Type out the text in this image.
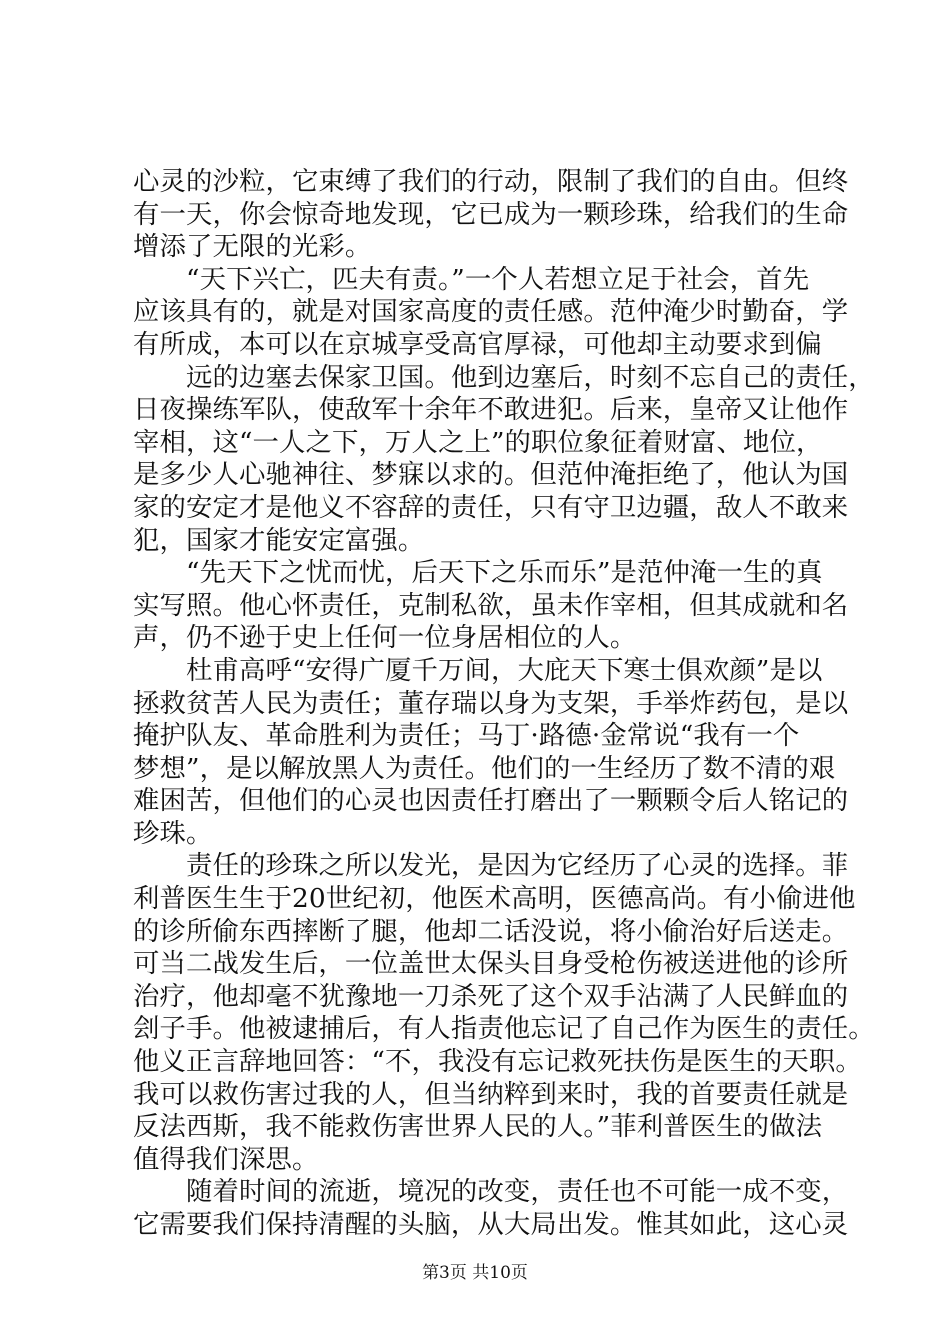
心灵的沙粒，它束缚了我们的行动，限制了我们的自由。但终
有一天，你会惊奇地发现，它已成为一颗珍珠，给我们的生命
增添了无限的光彩。
“天下兴亡，匹夫有责。”一个人若想立足于社会，首先
应该具有的，就是对国家高度的责任感。范仲淹少时勤奋，学
有所成，本可以在京城享受高官厚禄，可他却主动要求到偏
远的边塞去保家卫国。他到边塞后，时刻不忘自己的责任，
日夜操练军队，使敌军十余年不敢进犯。后来，皇帝又让他作
宰相，这“一人之下，万人之上”的职位象征着财富、地位，
是多少人心驰神往、梦寐以求的。但范仲淹拒绝了，他认为国
家的安定才是他义不容辞的责任，只有守卫边疆，敌人不敢来
犯，国家才能安定富强。
“先天下之忧而忧，后天下之乐而乐”是范仲淹一生的真
实写照。他心怀责任，克制私欲，虽未作宰相，但其成就和名
声，仍不逊于史上任何一位身居相位的人。
杜甫高呼“安得广厦千万间，大庇天下寒士俱欢颜”是以
拯救贫苦人民为责任；董存瑞以身为支架，手举炸药包，是以
掩护队友、革命胜利为责任；马丁·路德·金常说“我有一个
梦想”，是以解放黑人为责任。他们的一生经历了数不清的艰
难困苦，但他们的心灵也因责任打磨出了一颗颗令后人铭记的
珍珠。
责任的珍珠之所以发光，是因为它经历了心灵的选择。菲
利普医生生于20世纪初，他医术高明，医德高尚。有小偷进他
的诊所偷东西摔断了腿，他却二话没说，将小偷治好后送走。
可当二战发生后，一位盖世太保头目身受枪伤被送进他的诊所
治疗，他却毫不犹豫地一刀杀死了这个双手沾满了人民鲜血的
刽子手。他被逮捕后，有人指责他忘记了自己作为医生的责任。
他义正言辞地回答：“不，我没有忘记救死扶伤是医生的天职。
我可以救伤害过我的人，但当纳粹到来时，我的首要责任就是
反法西斯，我不能救伤害世界人民的人。”菲利普医生的做法
值得我们深思。
随着时间的流逝，境况的改变，责任也不可能一成不变，
它需要我们保持清醒的头脑，从大局出发。惟其如此，这心灵
第3页 共10页
